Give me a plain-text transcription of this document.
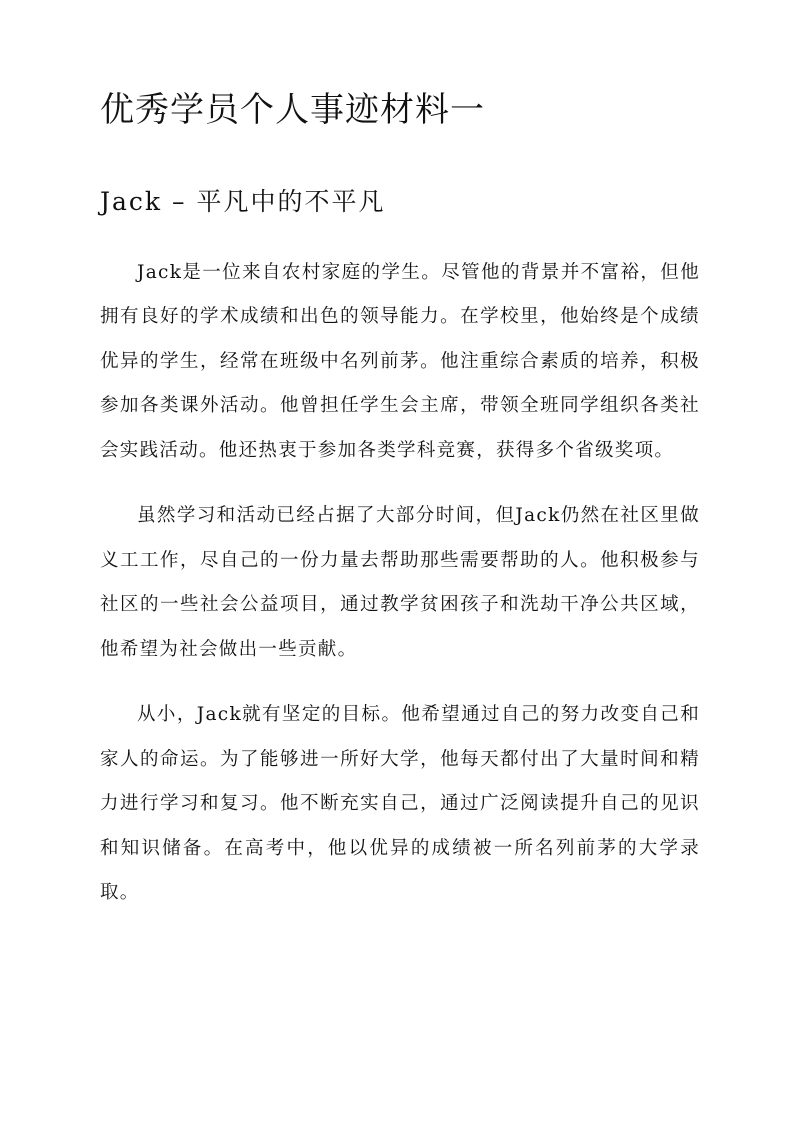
优秀学员个人事迹材料一
Jack – 平凡中的不平凡

Jack是一位来自农村家庭的学生。尽管他的背景并不富裕，但他拥有良好的学术成绩和出色的领导能力。在学校里，他始终是个成绩优异的学生，经常在班级中名列前茅。他注重综合素质的培养，积极参加各类课外活动。他曾担任学生会主席，带领全班同学组织各类社会实践活动。他还热衷于参加各类学科竞赛，获得多个省级奖项。

虽然学习和活动已经占据了大部分时间，但Jack仍然在社区里做义工工作，尽自己的一份力量去帮助那些需要帮助的人。他积极参与社区的一些社会公益项目，通过教学贫困孩子和洗劫干净公共区域，他希望为社会做出一些贡献。

从小，Jack就有坚定的目标。他希望通过自己的努力改变自己和家人的命运。为了能够进一所好大学，他每天都付出了大量时间和精力进行学习和复习。他不断充实自己，通过广泛阅读提升自己的见识和知识储备。在高考中，他以优异的成绩被一所名列前茅的大学录取。
